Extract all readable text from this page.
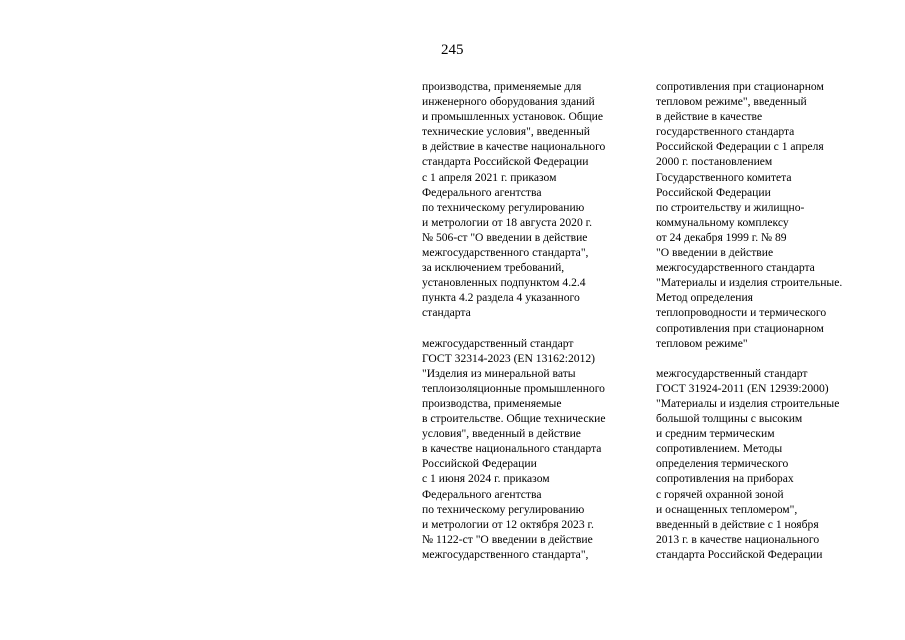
245
производства, применяемые для
инженерного оборудования зданий
и промышленных установок. Общие
технические условия", введенный
в действие в качестве национального
стандарта Российской Федерации
с 1 апреля 2021 г. приказом
Федерального агентства
по техническому регулированию
и метрологии от 18 августа 2020 г.
№ 506-ст "О введении в действие
межгосударственного стандарта",
за исключением требований,
установленных подпунктом 4.2.4
пункта 4.2 раздела 4 указанного
стандарта
межгосударственный стандарт
ГОСТ 32314-2023 (EN 13162:2012)
"Изделия из минеральной ваты
теплоизоляционные промышленного
производства, применяемые
в строительстве. Общие технические
условия", введенный в действие
в качестве национального стандарта
Российской Федерации
с 1 июня 2024 г. приказом
Федерального агентства
по техническому регулированию
и метрологии от 12 октября 2023 г.
№ 1122-ст "О введении в действие
межгосударственного стандарта",
сопротивления при стационарном
тепловом режиме", введенный
в действие в качестве
государственного стандарта
Российской Федерации с 1 апреля
2000 г. постановлением
Государственного комитета
Российской Федерации
по строительству и жилищно-
коммунальному комплексу
от 24 декабря 1999 г. № 89
"О введении в действие
межгосударственного стандарта
"Материалы и изделия строительные.
Метод определения
теплопроводности и термического
сопротивления при стационарном
тепловом режиме"
межгосударственный стандарт
ГОСТ 31924-2011 (EN 12939:2000)
"Материалы и изделия строительные
большой толщины с высоким
и средним термическим
сопротивлением. Методы
определения термического
сопротивления на приборах
с горячей охранной зоной
и оснащенных тепломером",
введенный в действие с 1 ноября
2013 г. в качестве национального
стандарта Российской Федерации
